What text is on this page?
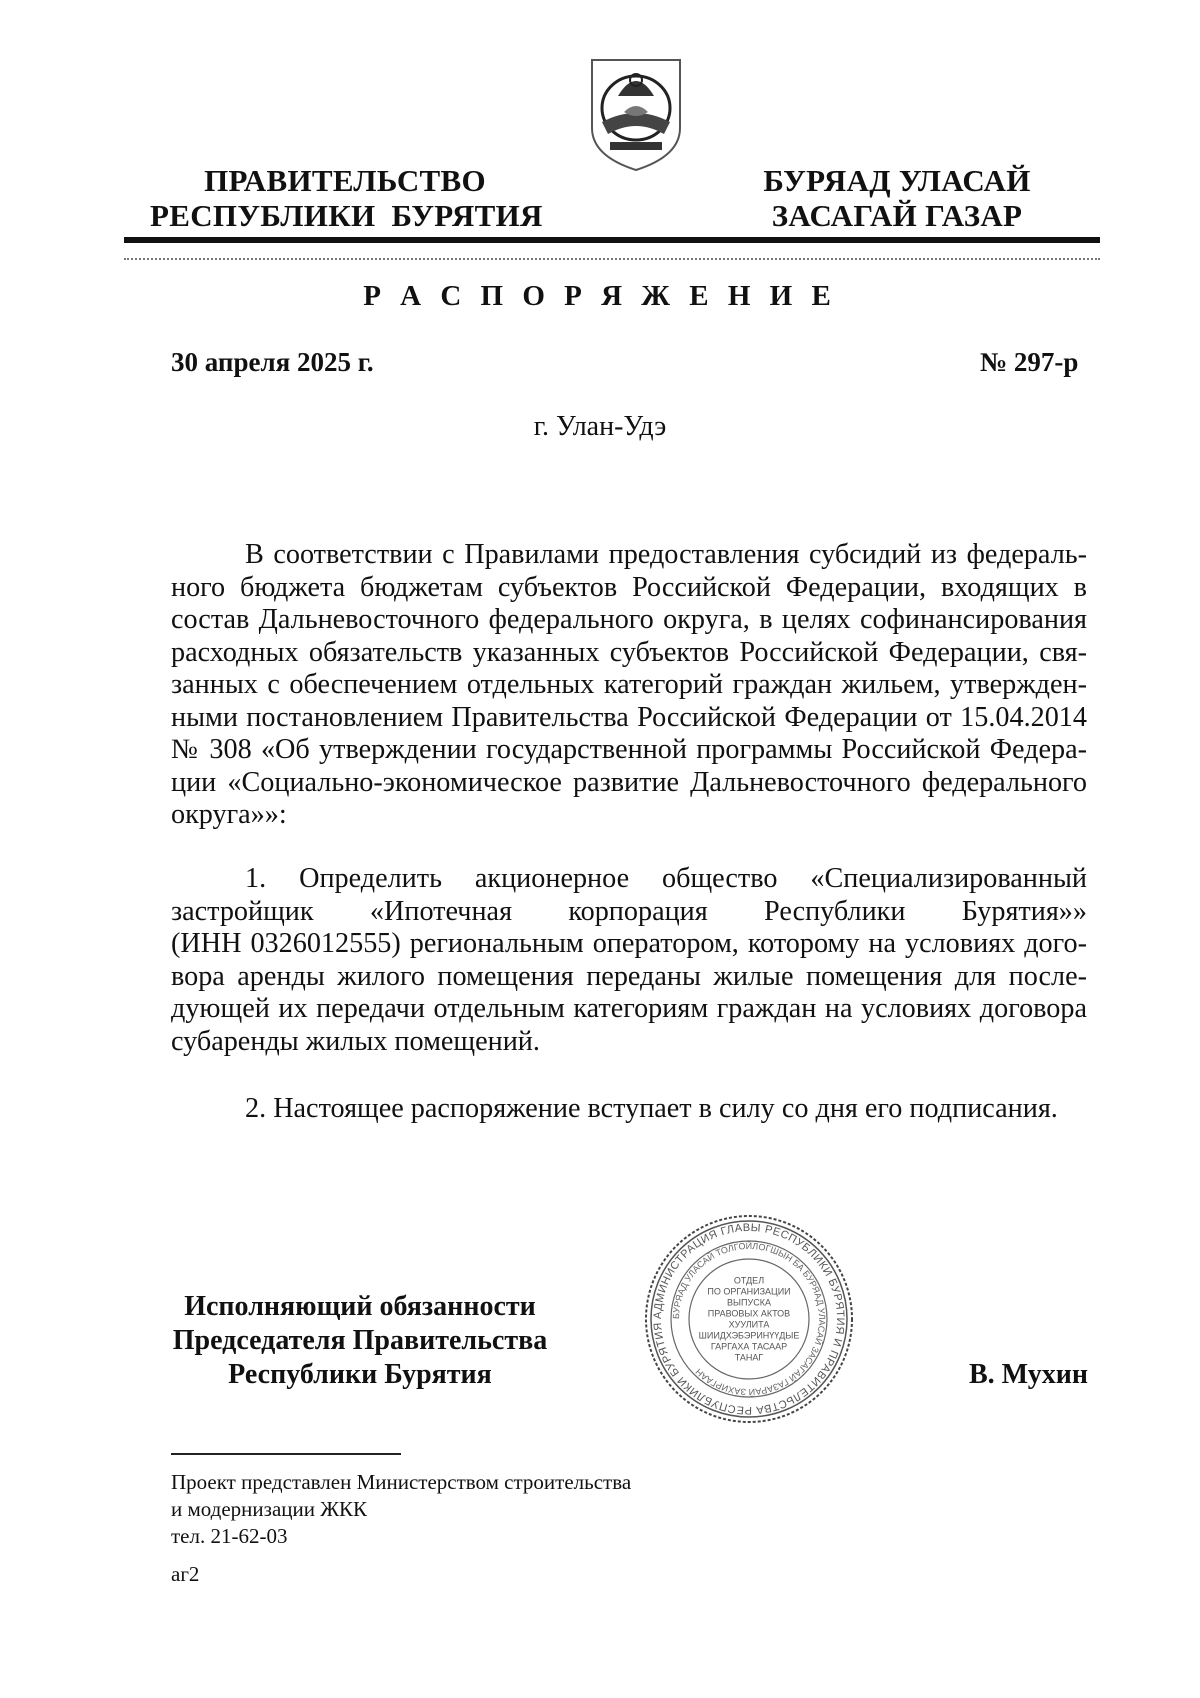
ПРАВИТЕЛЬСТВО
РЕСПУБЛИКИ  БУРЯТИЯ
БУРЯАД УЛАСАЙ
ЗАСАГАЙ ГАЗАР
Р А С П О Р Я Ж Е Н И Е
30 апреля 2025 г.	№ 297-р
г. Улан-Удэ
В соответствии с Правилами предоставления субсидий из федераль-
ного бюджета бюджетам субъектов Российской Федерации, входящих в
состав Дальневосточного федерального округа, в целях софинансирования
расходных обязательств указанных субъектов Российской Федерации, свя-
занных с обеспечением отдельных категорий граждан жильем, утвержден-
ными постановлением Правительства Российской Федерации от 15.04.2014
№ 308 «Об утверждении государственной программы Российской Федера-
ции «Социально-экономическое развитие Дальневосточного федерального
округа»»:
1. Определить акционерное общество «Специализированный
застройщик «Ипотечная корпорация Республики Бурятия»»
(ИНН 0326012555) региональным оператором, которому на условиях дого-
вора аренды жилого помещения переданы жилые помещения для после-
дующей их передачи отдельным категориям граждан на условиях договора
субаренды жилых помещений.
2. Настоящее распоряжение вступает в силу со дня его подписания.
Исполняющий обязанности
Председателя Правительства
Республики Бурятия
АДМИНИСТРАЦИЯ ГЛАВЫ РЕСПУБЛИКИ БУРЯТИЯ И ПРАВИТЕЛЬСТВА РЕСПУБЛИКИ БУРЯТИЯ
БУРЯАД УЛАСАЙ ТОЛГОЙЛОГШЫН БА БУРЯАД УЛАСАЙ ЗАСАГАЙ ГАЗАРАЙ ЗАХИРГААН
ОТДЕЛ
ПО ОРГАНИЗАЦИИ
ВЫПУСКА
ПРАВОВЫХ АКТОВ
ХУУЛИТА
ШИИДХЭБЭРИНҮҮДЫЕ
ГАРГАХА ТАСААР
ТАНАГ
В. Мухин
Проект представлен Министерством строительства
и модернизации ЖКК
тел. 21-62-03
аг2
